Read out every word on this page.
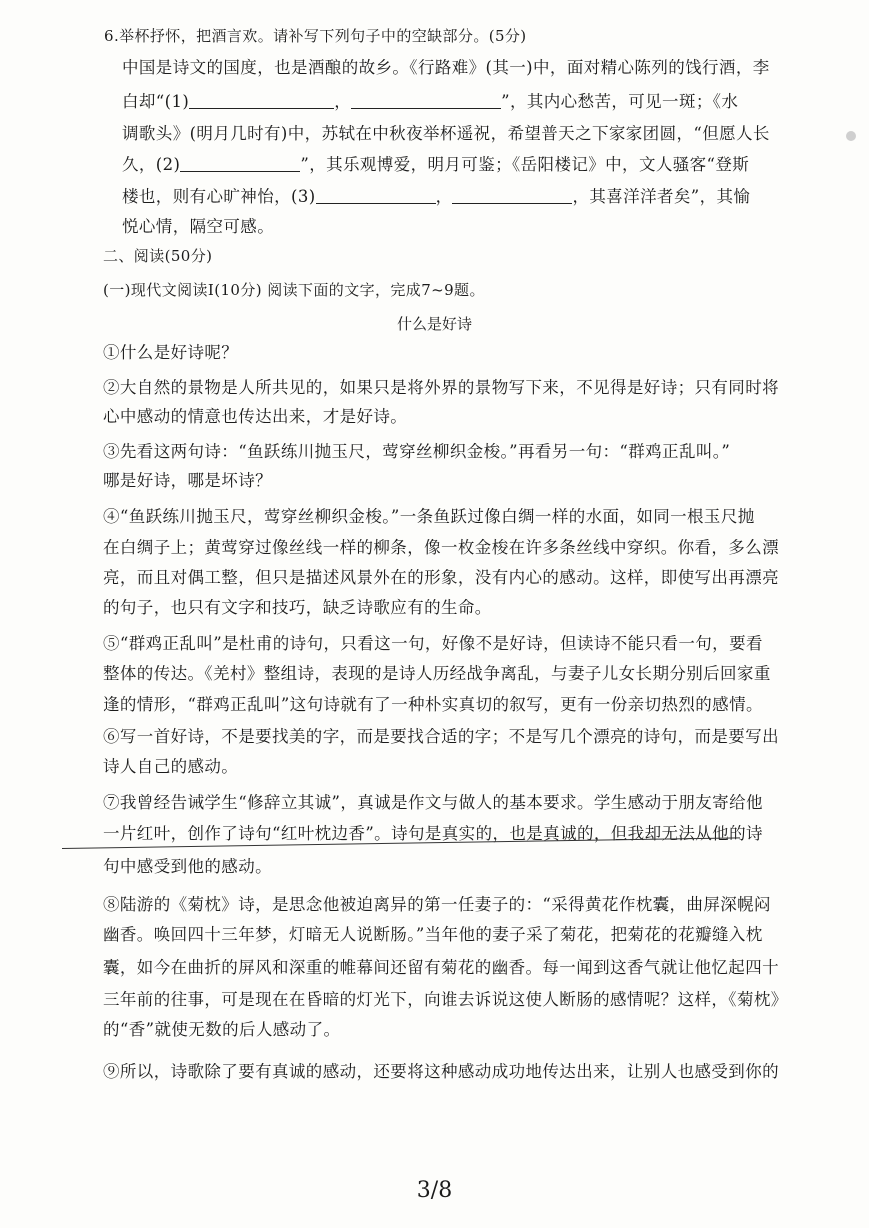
6.举杯抒怀，把酒言欢。请补写下列句子中的空缺部分。(5分)
中国是诗文的国度，也是酒酿的故乡。《行路难》(其一)中，面对精心陈列的饯行酒，李
白却“(1)	，	”，其内心愁苦，可见一斑；《水
调歌头》(明月几时有)中，苏轼在中秋夜举杯遥祝，希望普天之下家家团圆，“但愿人长
久，(2)	”，其乐观博爱，明月可鉴；《岳阳楼记》中，文人骚客“登斯
楼也，则有心旷神怡，(3)	，	，其喜洋洋者矣”，其愉
悦心情，隔空可感。
二、阅读(50分)
(一)现代文阅读Ⅰ(10分) 阅读下面的文字，完成7~9题。
什么是好诗
①什么是好诗呢？
②大自然的景物是人所共见的，如果只是将外界的景物写下来，不见得是好诗；只有同时将
心中感动的情意也传达出来，才是好诗。
③先看这两句诗：“鱼跃练川抛玉尺，莺穿丝柳织金梭。”再看另一句：“群鸡正乱叫。”
哪是好诗，哪是坏诗？
④“鱼跃练川抛玉尺，莺穿丝柳织金梭。”一条鱼跃过像白绸一样的水面，如同一根玉尺抛
在白绸子上；黄莺穿过像丝线一样的柳条，像一枚金梭在许多条丝线中穿织。你看，多么漂
亮，而且对偶工整，但只是描述风景外在的形象，没有内心的感动。这样，即使写出再漂亮
的句子，也只有文字和技巧，缺乏诗歌应有的生命。
⑤“群鸡正乱叫”是杜甫的诗句，只看这一句，好像不是好诗，但读诗不能只看一句，要看
整体的传达。《羌村》整组诗，表现的是诗人历经战争离乱，与妻子儿女长期分别后回家重
逢的情形，“群鸡正乱叫”这句诗就有了一种朴实真切的叙写，更有一份亲切热烈的感情。
⑥写一首好诗，不是要找美的字，而是要找合适的字；不是写几个漂亮的诗句，而是要写出
诗人自己的感动。
⑦我曾经告诫学生“修辞立其诚”，真诚是作文与做人的基本要求。学生感动于朋友寄给他
一片红叶，创作了诗句“红叶枕边香”。诗句是真实的，也是真诚的，但我却无法从他的诗
句中感受到他的感动。
⑧陆游的《菊枕》诗，是思念他被迫离异的第一任妻子的：“采得黄花作枕囊，曲屏深幌闷
幽香。唤回四十三年梦，灯暗无人说断肠。”当年他的妻子采了菊花，把菊花的花瓣缝入枕
囊，如今在曲折的屏风和深重的帷幕间还留有菊花的幽香。每一闻到这香气就让他忆起四十
三年前的往事，可是现在在昏暗的灯光下，向谁去诉说这使人断肠的感情呢？这样，《菊枕》
的“香”就使无数的后人感动了。
⑨所以，诗歌除了要有真诚的感动，还要将这种感动成功地传达出来，让别人也感受到你的
3/8
